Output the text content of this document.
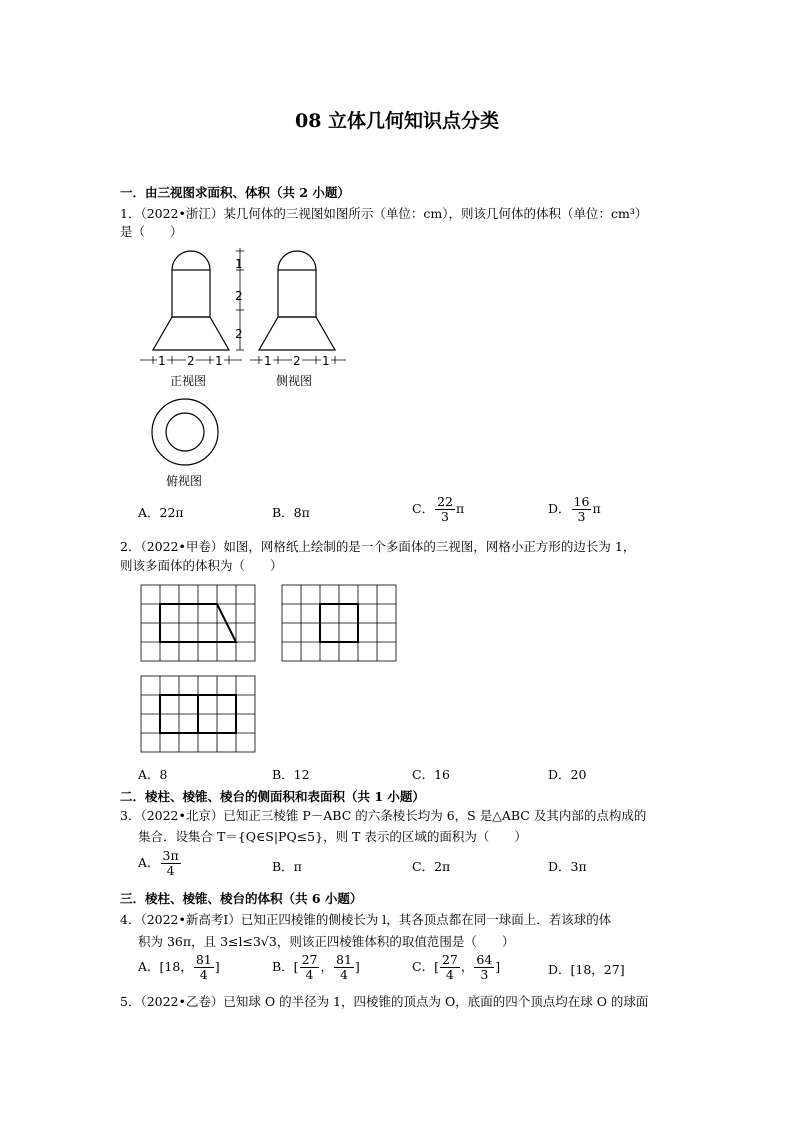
08 立体几何知识点分类
一．由三视图求面积、体积（共 2 小题）
1．（2022•浙江）某几何体的三视图如图所示（单位：cm），则该几何体的体积（单位：cm³）
是（　　）
1
2
2
1 2 1	1 2 1
正视图	侧视图
俯视图
A．22π	B．8π	C． $\frac{22}{3}$ π	D． $\frac{16}{3}$ π
2．（2022•甲卷）如图，网格纸上绘制的是一个多面体的三视图，网格小正方形的边长为 1，
则该多面体的体积为（　　）
A．8	B．12	C．16	D．20
二．棱柱、棱锥、棱台的侧面积和表面积（共 1 小题）
3．（2022•北京）已知正三棱锥 P－ABC 的六条棱长均为 6，S 是△ABC 及其内部的点构成的
集合．设集合 T＝{Q∈S|PQ≤5}，则 T 表示的区域的面积为（　　）
A． $\frac{3\pi}{4}$	B．π	C．2π	D．3π
三．棱柱、棱锥、棱台的体积（共 6 小题）
4．（2022•新高考Ⅰ）已知正四棱锥的侧棱长为 l，其各顶点都在同一球面上．若该球的体
积为 36π，且 3≤l≤3√3，则该正四棱锥体积的取值范围是（　　）
A．[18， $\frac{81}{4}$ ]	B．[ $\frac{27}{4}$ ， $\frac{81}{4}$ ]	C．[ $\frac{27}{4}$ ， $\frac{64}{3}$ ]	D．[18，27]
5．（2022•乙卷）已知球 O 的半径为 1，四棱锥的顶点为 O，底面的四个顶点均在球 O 的球面
